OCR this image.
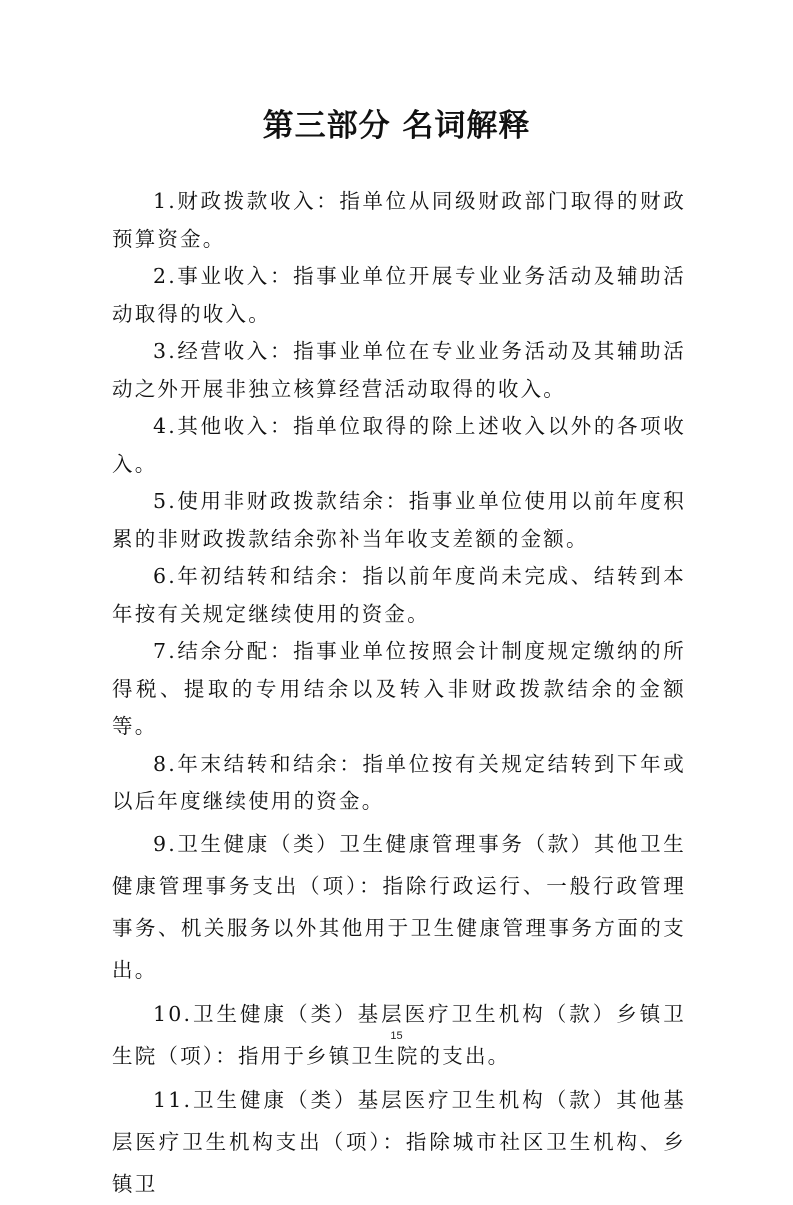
第三部分 名词解释

1.财政拨款收入：指单位从同级财政部门取得的财政预算资金。

2.事业收入：指事业单位开展专业业务活动及辅助活动取得的收入。

3.经营收入：指事业单位在专业业务活动及其辅助活动之外开展非独立核算经营活动取得的收入。

4.其他收入：指单位取得的除上述收入以外的各项收入。

5.使用非财政拨款结余：指事业单位使用以前年度积累的非财政拨款结余弥补当年收支差额的金额。

6.年初结转和结余：指以前年度尚未完成、结转到本年按有关规定继续使用的资金。

7.结余分配：指事业单位按照会计制度规定缴纳的所得税、提取的专用结余以及转入非财政拨款结余的金额等。

8.年末结转和结余：指单位按有关规定结转到下年或以后年度继续使用的资金。

9.卫生健康（类）卫生健康管理事务（款）其他卫生健康管理事务支出（项）：指除行政运行、一般行政管理事务、机关服务以外其他用于卫生健康管理事务方面的支出。

10.卫生健康（类）基层医疗卫生机构（款）乡镇卫生院（项）：指用于乡镇卫生院的支出。

11.卫生健康（类）基层医疗卫生机构（款）其他基层医疗卫生机构支出（项）：指除城市社区卫生机构、乡镇卫

15
